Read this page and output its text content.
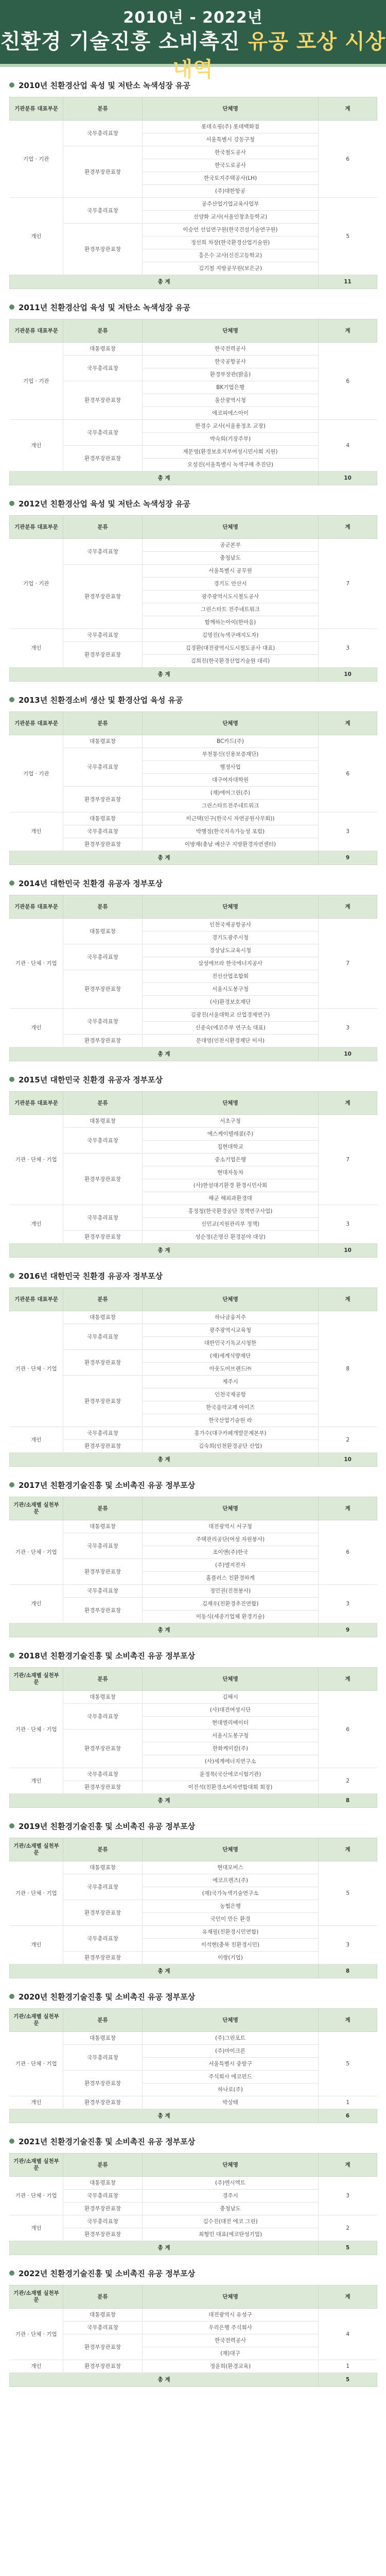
2010년 - 2022년
친환경 기술진흥 소비촉진 유공 포상 시상 내역
2010년 친환경산업 육성 및 저탄소 녹색성장 유공
기관분류 대표부문	분류	단체명	계
기업 · 기관	국무총리표창	롯데쇼핑(주) 롯데백화점	6
		서울특별시 강동구청	
	환경부장관표창	한국철도공사	
		한국도로공사	
		한국토지주택공사(LH)	
		(주)대한항공	
개인	국무총리표창	공주산업기업교육사업부	5
		선양화 교사(서울인창초등학교)	
	환경부장관표창	이승언 선임연구원(한국건설기술연구원)	
		정선희 차장(한국환경산업기술원)	
		흥은수 교사(신진고등학교)	
		김기철 지방공무원(보은군)	
총 계			11
2011년 친환경산업 육성 및 저탄소 녹색성장 유공
기관분류 대표부문	분류	단체명	계
기업 · 기관	대통령표창	한국전력공사	6
	국무총리표창	한국공항공사	
		환경부장관(밝음)	
	환경부장관표창	BK기업은행	
		울산광역시청	
		에코피에스아이	
개인	국무총리표창	한경수 교사(서울용정초 교장)	4
		박숙희(기장주부)	
	환경부장관표창	제문영(환경보호지부여성시민사회 지원)	
		오성진(서울특별시 녹색구매 추진단)	
총 계			10
2012년 친환경산업 육성 및 저탄소 녹색성장 유공
기관분류 대표부문	분류	단체명	계
기업 · 기관	국무총리표창	공군본부	7
		충청남도	
	환경부장관표창	서울특별시 공무원	
		경기도 안산시	
		광주광역시도시철도공사	
		그린스타트 전주네트워크	
		함께하는아이(한마음)	
개인	국무총리표창	김명진(녹색구매지도자)	3
	환경부장관표창	김경환(대전광역시도시철도공사 대표)	
		김희진(한국환경산업기술원 대리)	
총 계			10
2013년 친환경소비 생산 및 환경산업 육성 유공
기관분류 대표부문	분류	단체명	계
기업 · 기관	대통령표창	BC카드(주)	6
	국무총리표창	부천통신(신용보증재단)	
		행정사업	
		대구여자대학원	
	환경부장관표창	(재)에어그린(주)	
		그린스타트전주네트워크	
개인	대통령표창	이근택(인구(한국시 자연공원사무회))	3
	국무총리표창	박행정(한국지속가능성 포럼)	
	환경부장관표창	이방재(충남 예산구 지방환경자연센터)	
총 계			9
2014년 대한민국 친환경 유공자 정부포상
기관분류 대표부문	분류	단체명	계
기관 · 단체 · 기업	대통령표창	인천국제공항공사	7
		경기도광주시청	
	국무총리표창	경상남도교육시청	
		삼성에브라 한국에너지공사	
	환경부장관표창	전선산업조합회	
		서울시도봉구청	
		(사)환경보호재단	
개인	국무총리표창	김광진(서울대학교 산업경제연구)	3
		신종숙(에코주부 연구소 대표)	
	환경부장관표창	문대영(인천시환경재단 이사)	
총 계			10
2015년 대한민국 친환경 유공자 정부포상
기관분류 대표부문	분류	단체명	계
기관 · 단체 · 기업	대통령표창	서초구청	7
	국무총리표창	에스케이텔레콤(주)	
		집현대학교	
	환경부장관표창	중소기업은행	
		현대자동차	
		(사)한설대기환경 환경시민사회	
		해군 해외과환경대	
개인	국무총리표창	홍정청(한국환경공단 정책연구사업)	3
		신민교(지원관리부 정책)	
	환경부장관표창	성순정(손명산 환경분야 대상)	
총 계			10
2016년 대한민국 친환경 유공자 정부포상
기관분류 대표부문	분류	단체명	계
기관 · 단체 · 기업	대통령표창	하나금융지주	8
	국무총리표창	광주광역시교육청	
		대한민국기독교시청한	
	환경부장관표창	(재)세계식량재단	
		아웃도어브랜드㈜	
	환경부장관표창	제주시	
		인천국제공항	
		한국음악교재 아이즈	
		한국산업기술원 라	
개인	국무총리표창	홍가수(대구카페개발문제본부)	2
	환경부장관표창	김숙희(인천환경공단 산업)	
총 계			10
2017년 친환경기술진흥 및 소비촉진 유공 정부포상
기관/소재별 실천부문	분류	단체명	계
기관 · 단체 · 기업	대통령표창	대전광역시 서구청	6
	국무총리표창	주택관리공단(여성 자원봉사)	
		조이앤(주)한국	
	환경부장관표창	(주)엘지전자	
		홈플러스 친환경하계	
개인	국무총리표창	정민권(진천봉사)	3
	환경부장관표창	김재우(친환경추진연합)	
		이동식(세종기업체 환경기술)	
총 계			9
2018년 친환경기술진흥 및 소비촉진 유공 정부포상
기관/소재별 실천부문	분류	단체명	계
기관 · 단체 · 기업	대통령표창	김해시	6
	국무총리표창	(사)대전여성시단	
		현대엘리베이터	
	환경부장관표창	서울시도봉구청	
		한화케미칼(주)	
		(사)세계에너지연구소	
개인	국무총리표창	윤정목(국산에코시험기관)	2
	환경부장관표창	이진석(친환경소비자연합대회 회장)	
총 계			8
2019년 친환경기술진흥 및 소비촉진 유공 정부포상
기관/소재별 실천부문	분류	단체명	계
기관 · 단체 · 기업	대통령표창	현대모비스	5
	국무총리표창	에코프렌즈(주)	
		(재)국가녹색기술연구소	
	환경부장관표창	농협은행	
		국민이 만든 환경	
개인	국무총리표창	유재필(친환경시민연합)	3
		이석현(충북 친환경시민)	
	환경부장관표창	이랑(기업)	
총 계			8
2020년 친환경기술진흥 및 소비촉진 유공 정부포상
기관/소재별 실천부문	분류	단체명	계
기관 · 단체 · 기업	대통령표창	(주)그린포트	5
	국무총리표창	(주)마이크론	
		서울특별시 중랑구	
	환경부장관표창	주식회사 에코펀드	
		하나로(주)	
개인	환경부장관표창	박상태	1
총 계			6
2021년 친환경기술진흥 및 소비촉진 유공 정부포상
기관/소재별 실천부문	분류	단체명	계
기관 · 단체 · 기업	대통령표창	(주)엔시엑트	3
	국무총리표창	경주시	
	환경부장관표창	충청남도	
개인	국무총리표창	김수진(대전 에코 그린)	2
	환경부장관표창	최형민 대표(에코탄성기업)	
총 계			5
2022년 친환경기술진흥 및 소비촉진 유공 정부포상
기관/소재별 실천부문	분류	단체명	계
기관 · 단체 · 기업	대통령표창	대전광역시 유성구	4
	국무총리표창	우리은행 주식회사	
	환경부장관표창	한국전력공사	
		(재)대구	
개인	환경부장관표창	정윤희(환경교육)	1
총 계			5
